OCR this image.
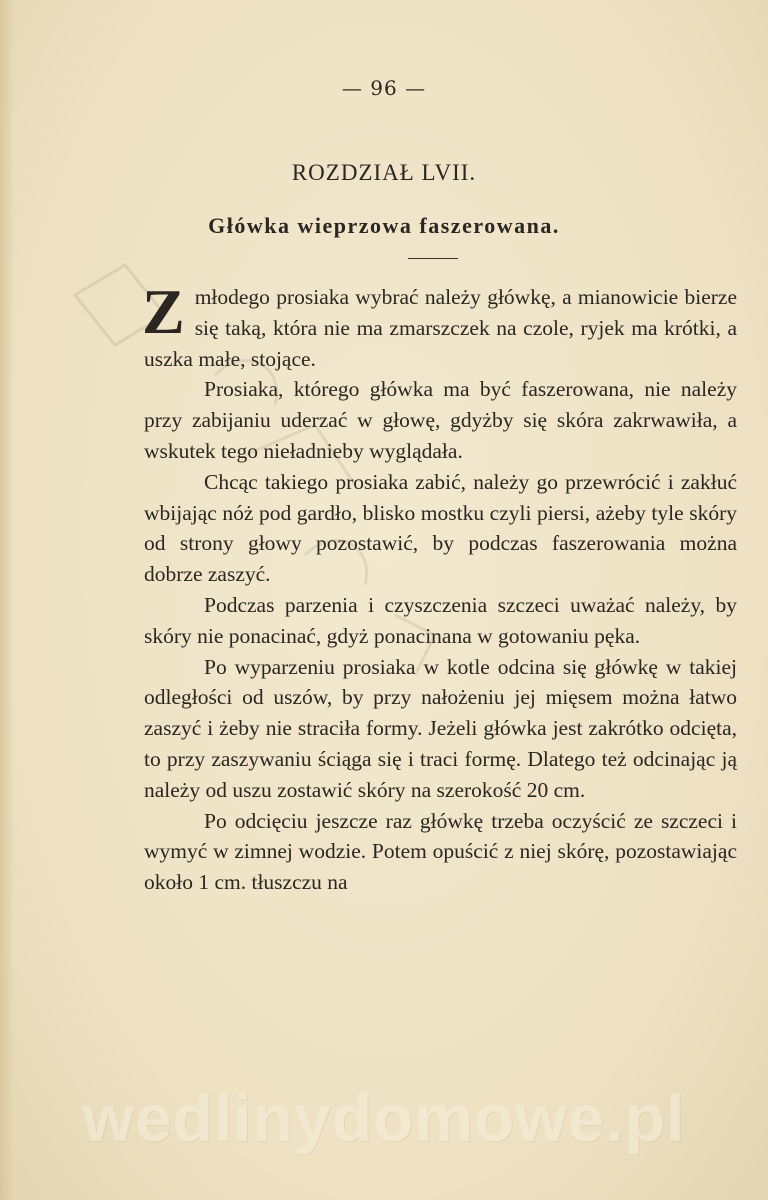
— 96 —
ROZDZIAŁ LVII.
Główka wieprzowa faszerowana.

Zmłodego prosiaka wybrać należy główkę, a mianowicie bierze się taką, która nie ma zmarszczek na czole, ryjek ma krótki, a uszka małe, stojące.

Prosiaka, którego główka ma być faszerowana, nie należy przy zabijaniu uderzać w głowę, gdyżby się skóra zakrwawiła, a wskutek tego nieładnieby wyglądała.

Chcąc takiego prosiaka zabić, należy go przewrócić i zakłuć wbijając nóż pod gardło, blisko mostku czyli piersi, ażeby tyle skóry od strony głowy pozostawić, by podczas faszerowania można dobrze zaszyć.

Podczas parzenia i czyszczenia szczeci uważać należy, by skóry nie ponacinać, gdyż ponacinana w gotowaniu pęka.

Po wyparzeniu prosiaka w kotle odcina się główkę w takiej odległości od uszów, by przy nałożeniu jej mięsem można łatwo zaszyć i żeby nie straciła formy. Jeżeli główka jest zakrótko odcięta, to przy zaszywaniu ściąga się i traci formę. Dlatego też odcinając ją należy od uszu zostawić skóry na szerokość 20 cm.

Po odcięciu jeszcze raz główkę trzeba oczyścić ze szczeci i wymyć w zimnej wodzie. Potem opuścić z niej skórę, pozostawiając około 1 cm. tłuszczu na

wedlinydomowe.pl
